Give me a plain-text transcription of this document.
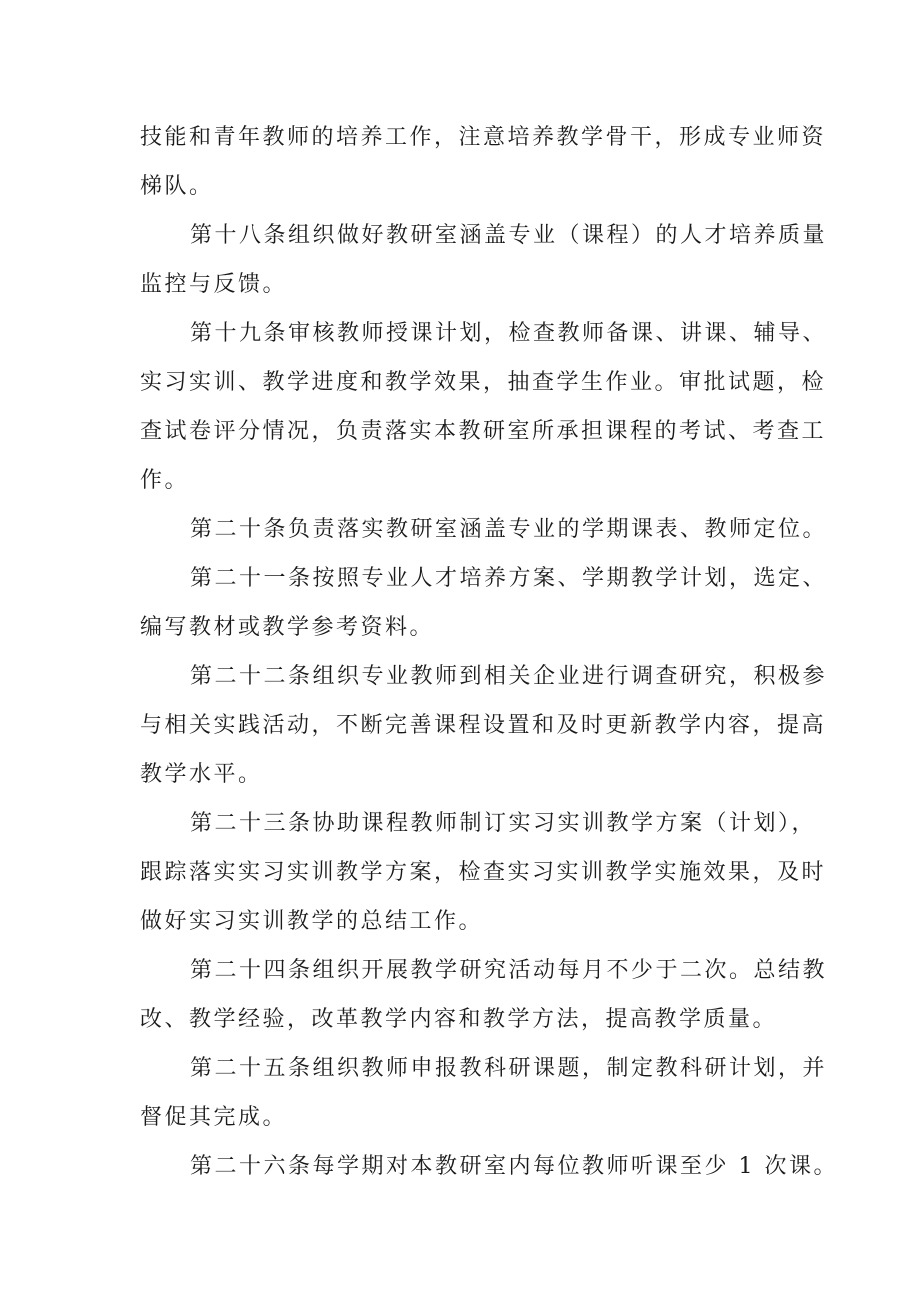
技能和青年教师的培养工作，注意培养教学骨干，形成专业师资
梯队。

第十八条组织做好教研室涵盖专业（课程）的人才培养质量
监控与反馈。

第十九条审核教师授课计划，检查教师备课、讲课、辅导、
实习实训、教学进度和教学效果，抽查学生作业。审批试题，检
查试卷评分情况，负责落实本教研室所承担课程的考试、考查工
作。

第二十条负责落实教研室涵盖专业的学期课表、教师定位。

第二十一条按照专业人才培养方案、学期教学计划，选定、
编写教材或教学参考资料。

第二十二条组织专业教师到相关企业进行调查研究，积极参
与相关实践活动，不断完善课程设置和及时更新教学内容，提高
教学水平。

第二十三条协助课程教师制订实习实训教学方案（计划），
跟踪落实实习实训教学方案，检查实习实训教学实施效果，及时
做好实习实训教学的总结工作。

第二十四条组织开展教学研究活动每月不少于二次。总结教
改、教学经验，改革教学内容和教学方法，提高教学质量。

第二十五条组织教师申报教科研课题，制定教科研计划，并
督促其完成。

第二十六条每学期对本教研室内每位教师听课至少 1 次课。
